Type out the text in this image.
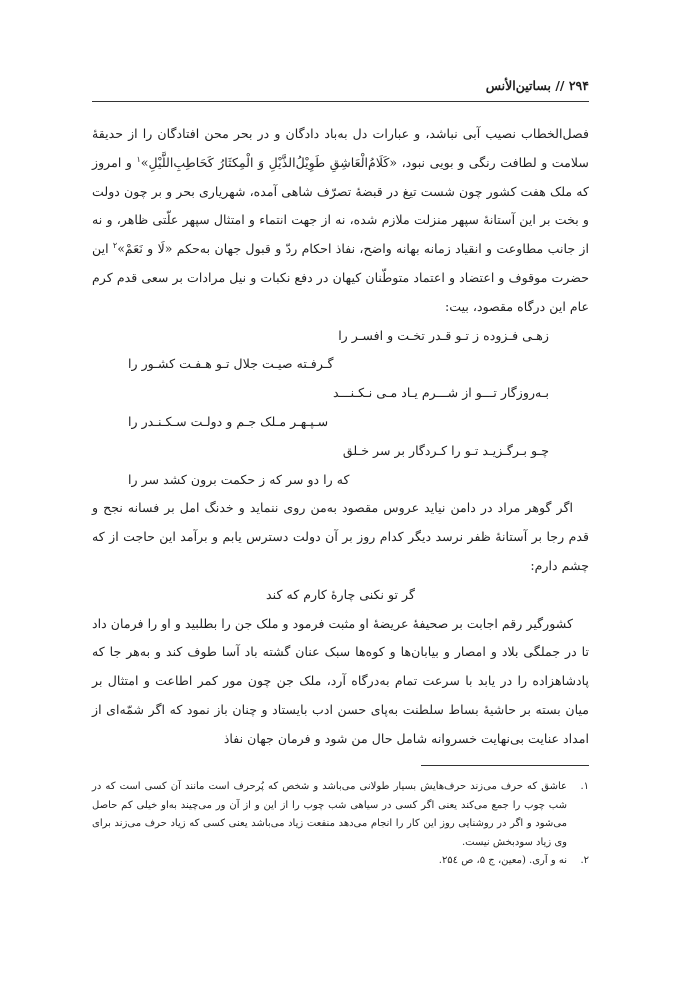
۲۹۴ // بساتین‌الأنس

فصل‌الخطاب نصیب آبی نباشد، و عبارات دل به‌باد دادگان و در بحر محن افتادگان را از حدیقهٔ سلامت و لطافت رنگی و بویی نبود، «کَلَامُ‌الْعَاشِقِ طَوِیْلُ‌الذَّیْلِ وَ الْمِکثَارُ کَحَاطِبِ‌اللَّیْلِ»$^۱$ و امروز که ملک هفت کشور چون شست تیغ در قبضهٔ تصرّف شاهی آمده، شهریاری بحر و بر چون دولت و بخت بر این آستانهٔ سپهر منزلت ملازم شده، نه از جهت انتماء و امتثال سپهر علّتی ظاهر، و نه از جانب مطاوعت و انقیاد زمانه بهانه واضح، نفاذ احکام ردّ و قبول جهان به‌حکم «لَا و نَعَمْ»$^۲$ این حضرت موقوف و اعتضاد و اعتماد متوطّنان کیهان در دفع نکبات و نیل مرادات بر سعی قدم کرم عام این درگاه مقصود، بیت:

زهـی فـزوده ز تـو قـدر تخـت و افسـر را
گـرفـته صیـت جلال تـو هـفـت کشـور را
بـه‌روزگار تـــو از شـــرم یـاد مـی نـکـنـــد
سـپـهـر مـلک جـم و دولـت سـکـنـدر را
چـو بـرگـزیـد تـو را کـردگار بر سر خـلق
که را دو سر که ز حکمت برون کشد سر را

اگر گوهر مراد در دامن نیاید عروس مقصود به‌من روی ننماید و خدنگ امل بر فسانه نجح و قدم رجا بر آستانهٔ ظفر نرسد دیگر کدام روز بر آن دولت دسترس یابم و برآمد این حاجت از که چشم دارم:

گر تو نکنی چارهٔ کارم که کند

کشورگیر رقم اجابت بر صحیفهٔ عریضهٔ او مثبت فرمود و ملک جن را بطلبید و او را فرمان داد تا در جملگی بلاد و امصار و بیابان‌ها و کوه‌ها سبک عنان گشته باد آسا طوف کند و به‌هر جا که پادشاهزاده را در یابد با سرعت تمام به‌درگاه آرد، ملک جن چون مور کمر اطاعت و امتثال بر میان بسته بر حاشیهٔ بساط سلطنت به‌پای حسن ادب بایستاد و چنان باز نمود که اگر شمّه‌ای از امداد عنایت بی‌نهایت خسروانه شامل حال من شود و فرمان جهان نفاذ

۱.
عاشق که حرف می‌زند حرف‌هایش بسیار طولانی می‌باشد و شخص که پُرحرف است مانند آن کسی است که در شب چوب را جمع می‌کند یعنی اگر کسی در سیاهی شب چوب را از این و از آن ور می‌چیند به‌او خیلی کم حاصل می‌شود و اگر در روشنایی روز این کار را انجام می‌دهد منفعت زیاد می‌باشد یعنی کسی که زیاد حرف می‌زند برای وی زیاد سودبخش نیست.
۲.
نه و آری. (معین، ج ۵، ص ۲۵٤.
